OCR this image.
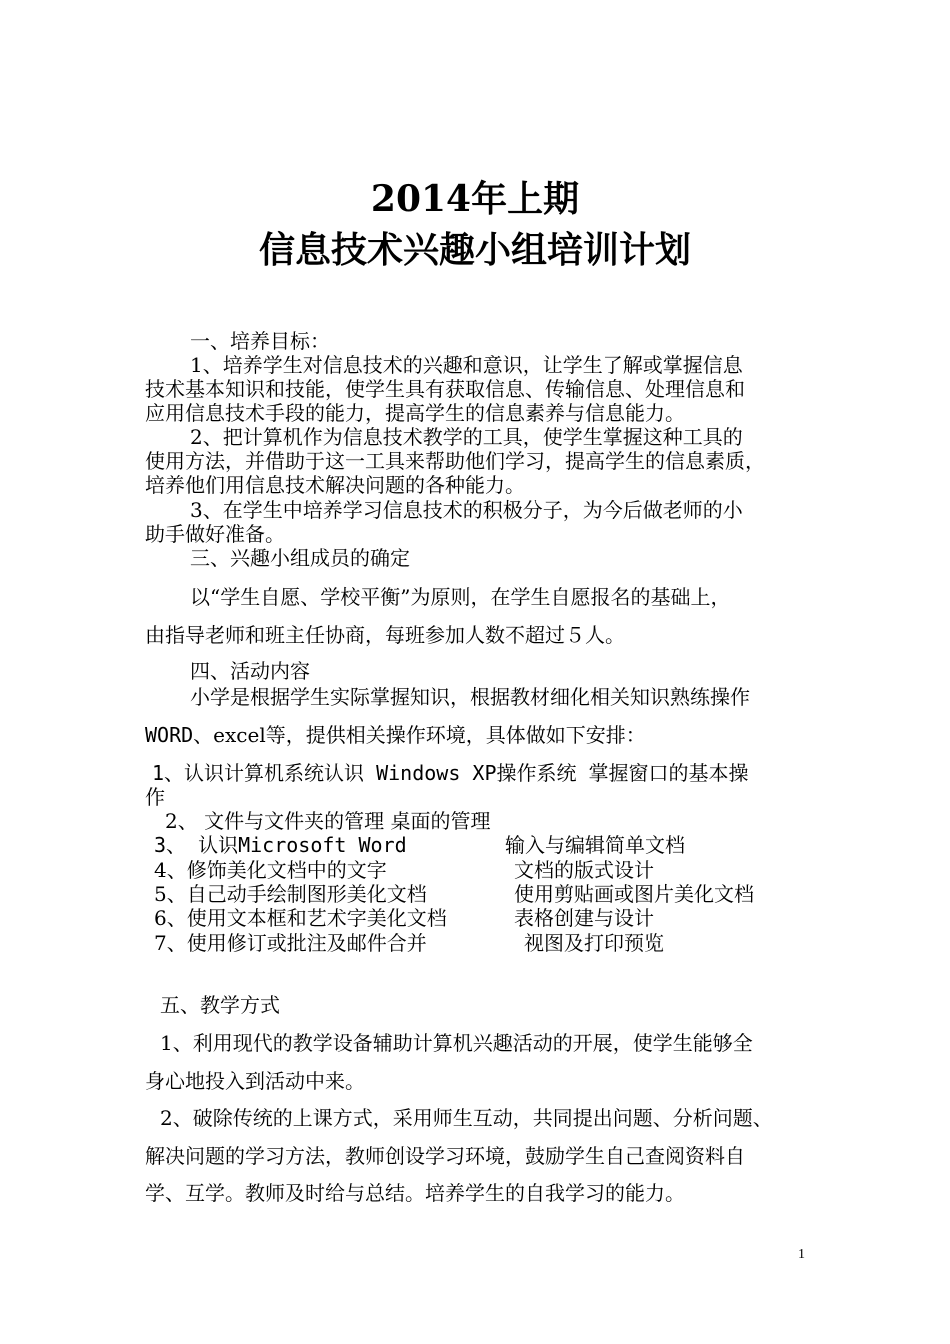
2014年上期
信息技术兴趣小组培训计划
一、培养目标：
1、培养学生对信息技术的兴趣和意识，让学生了解或掌握信息
技术基本知识和技能，使学生具有获取信息、传输信息、处理信息和
应用信息技术手段的能力，提高学生的信息素养与信息能力。
2、把计算机作为信息技术教学的工具，使学生掌握这种工具的
使用方法，并借助于这一工具来帮助他们学习，提高学生的信息素质，
培养他们用信息技术解决问题的各种能力。
3、在学生中培养学习信息技术的积极分子，为今后做老师的小
助手做好准备。
三、兴趣小组成员的确定
以“学生自愿、学校平衡”为原则，在学生自愿报名的基础上，
由指导老师和班主任协商，每班参加人数不超过５人。
四、活动内容
小学是根据学生实际掌握知识，根据教材细化相关知识熟练操作
WORD、excel等，提供相关操作环境，具体做如下安排：
1、认识计算机系统认识 Windows XP操作系统 掌握窗口的基本操
作
2、 文件与文件夹的管理 桌面的管理
3、 认识Microsoft Word	输入与编辑简单文档
4、修饰美化文档中的文字	文档的版式设计
5、自己动手绘制图形美化文档	使用剪贴画或图片美化文档
6、使用文本框和艺术字美化文档	表格创建与设计
7、使用修订或批注及邮件合并	视图及打印预览
五、教学方式
1、利用现代的教学设备辅助计算机兴趣活动的开展，使学生能够全
身心地投入到活动中来。
2、破除传统的上课方式，采用师生互动，共同提出问题、分析问题、
解决问题的学习方法，教师创设学习环境，鼓励学生自己查阅资料自
学、互学。教师及时给与总结。培养学生的自我学习的能力。
1
